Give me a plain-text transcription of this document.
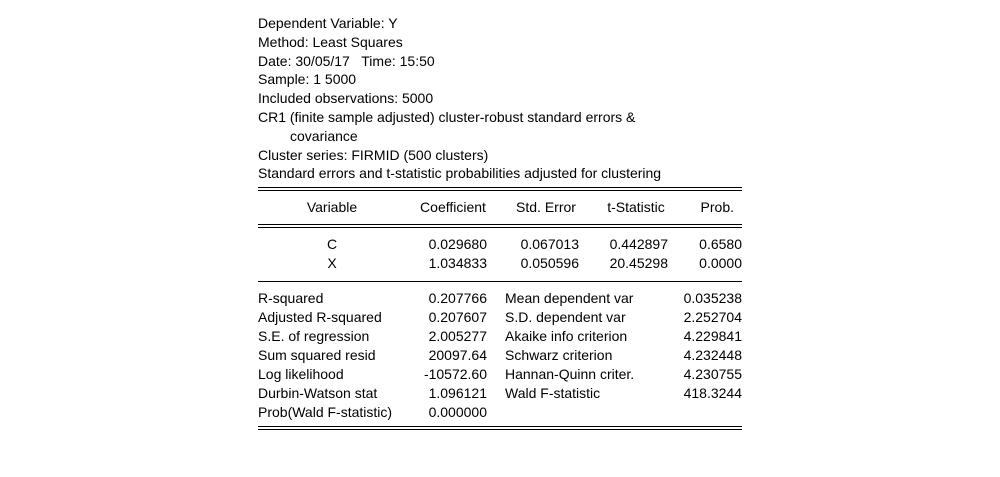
Dependent Variable: Y
Method: Least Squares
Date: 30/05/17   Time: 15:50
Sample: 1 5000
Included observations: 5000
CR1 (finite sample adjusted) cluster-robust standard errors &
covariance
Cluster series: FIRMID (500 clusters)
Standard errors and t-statistic probabilities adjusted for clustering
Variable	Coefficient Std. Error t-Statistic	Prob.
C	0.029680 0.067013 0.442897 0.6580
X	1.034833 0.050596 20.45298 0.0000
R-squared	0.207766 Mean dependent var	0.035238
Adjusted R-squared	0.207607 S.D. dependent var	2.252704
S.E. of regression	2.005277 Akaike info criterion	4.229841
Sum squared resid	20097.64 Schwarz criterion	4.232448
Log likelihood	-10572.60 Hannan-Quinn criter.	4.230755
Durbin-Watson stat	1.096121 Wald F-statistic	418.3244
Prob(Wald F-statistic)	0.000000
